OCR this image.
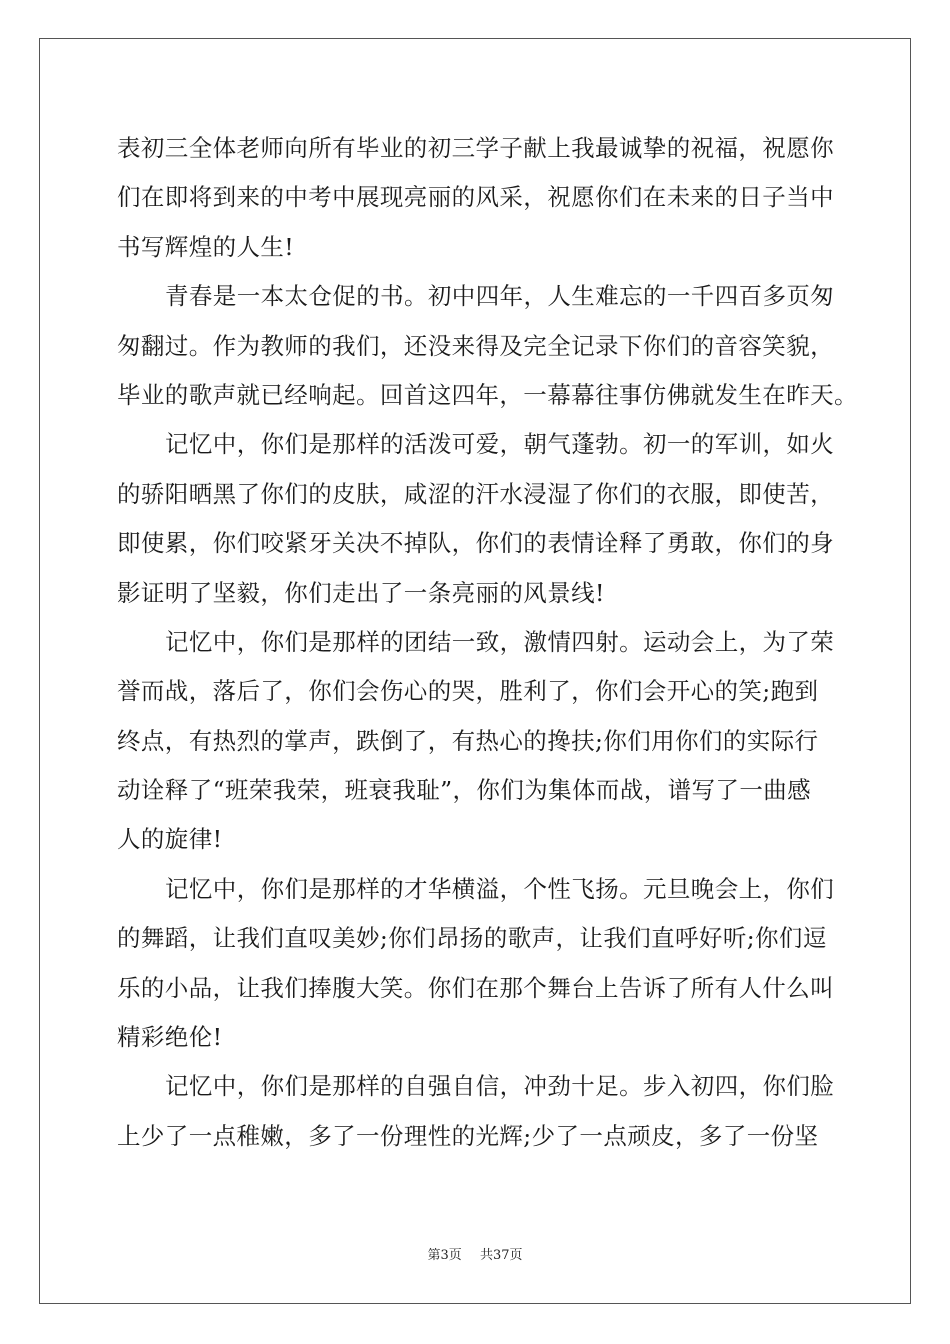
表初三全体老师向所有毕业的初三学子献上我最诚挚的祝福，祝愿你
们在即将到来的中考中展现亮丽的风采，祝愿你们在未来的日子当中
书写辉煌的人生!
青春是一本太仓促的书。初中四年，人生难忘的一千四百多页匆
匆翻过。作为教师的我们，还没来得及完全记录下你们的音容笑貌，
毕业的歌声就已经响起。回首这四年，一幕幕往事仿佛就发生在昨天。
记忆中，你们是那样的活泼可爱，朝气蓬勃。初一的军训，如火
的骄阳晒黑了你们的皮肤，咸涩的汗水浸湿了你们的衣服，即使苦，
即使累，你们咬紧牙关决不掉队，你们的表情诠释了勇敢，你们的身
影证明了坚毅，你们走出了一条亮丽的风景线!
记忆中，你们是那样的团结一致，激情四射。运动会上，为了荣
誉而战，落后了，你们会伤心的哭，胜利了，你们会开心的笑;跑到
终点，有热烈的掌声，跌倒了，有热心的搀扶;你们用你们的实际行
动诠释了“班荣我荣，班衰我耻”，你们为集体而战，谱写了一曲感
人的旋律!
记忆中，你们是那样的才华横溢，个性飞扬。元旦晚会上，你们
的舞蹈，让我们直叹美妙;你们昂扬的歌声，让我们直呼好听;你们逗
乐的小品，让我们捧腹大笑。你们在那个舞台上告诉了所有人什么叫
精彩绝伦!
记忆中，你们是那样的自强自信，冲劲十足。步入初四，你们脸
上少了一点稚嫩，多了一份理性的光辉;少了一点顽皮，多了一份坚
第3页 共37页
